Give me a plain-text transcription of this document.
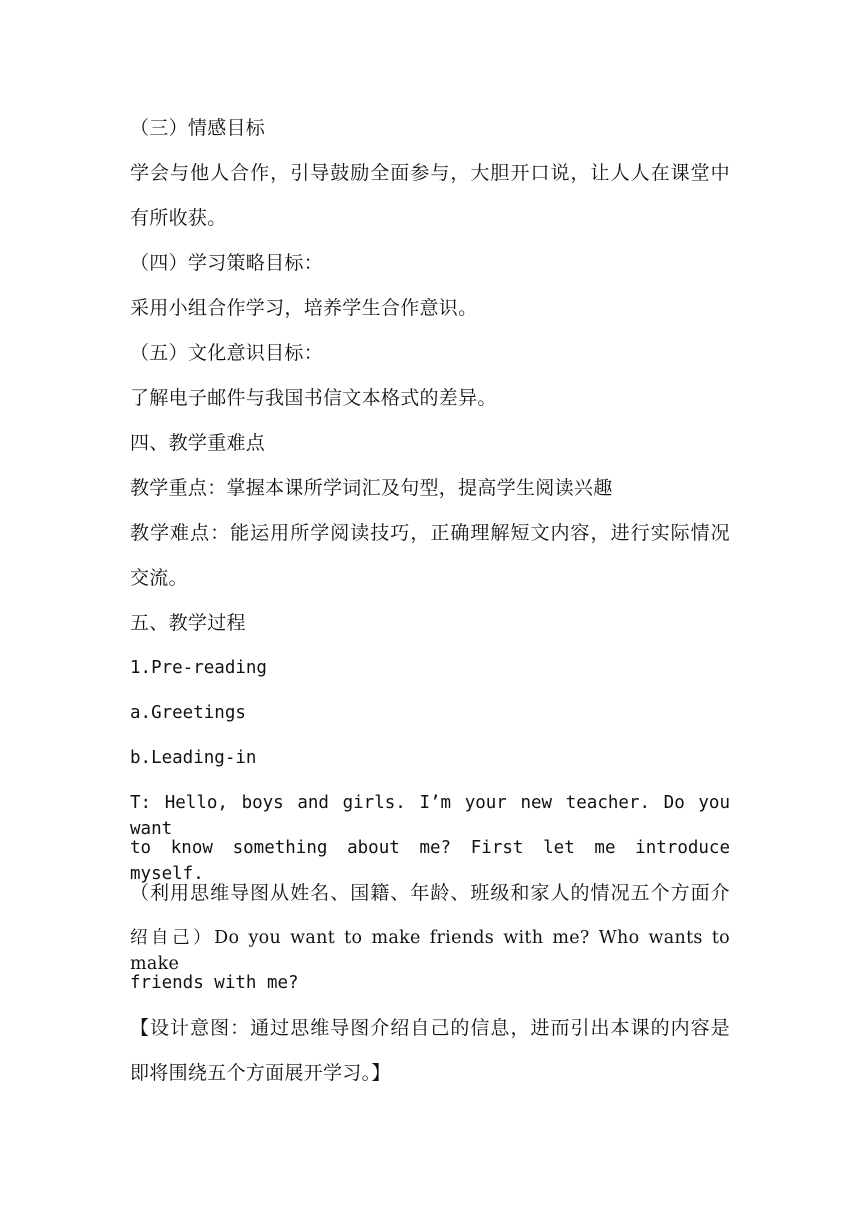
（三）情感目标

学会与他人合作，引导鼓励全面参与，大胆开口说，让人人在课堂中

有所收获。

（四）学习策略目标：

采用小组合作学习，培养学生合作意识。

（五）文化意识目标：

了解电子邮件与我国书信文本格式的差异。

四、教学重难点

教学重点：掌握本课所学词汇及句型，提高学生阅读兴趣

教学难点：能运用所学阅读技巧，正确理解短文内容，进行实际情况

交流。

五、教学过程

1.Pre-reading

a.Greetings

b.Leading-in

T: Hello, boys and girls. I’m your new teacher. Do you want

to know something about me? First let me introduce myself.

（利用思维导图从姓名、国籍、年龄、班级和家人的情况五个方面介

绍自己）Do you want to make friends with me? Who wants to make

friends with me?

【设计意图：通过思维导图介绍自己的信息，进而引出本课的内容是

即将围绕五个方面展开学习。】
